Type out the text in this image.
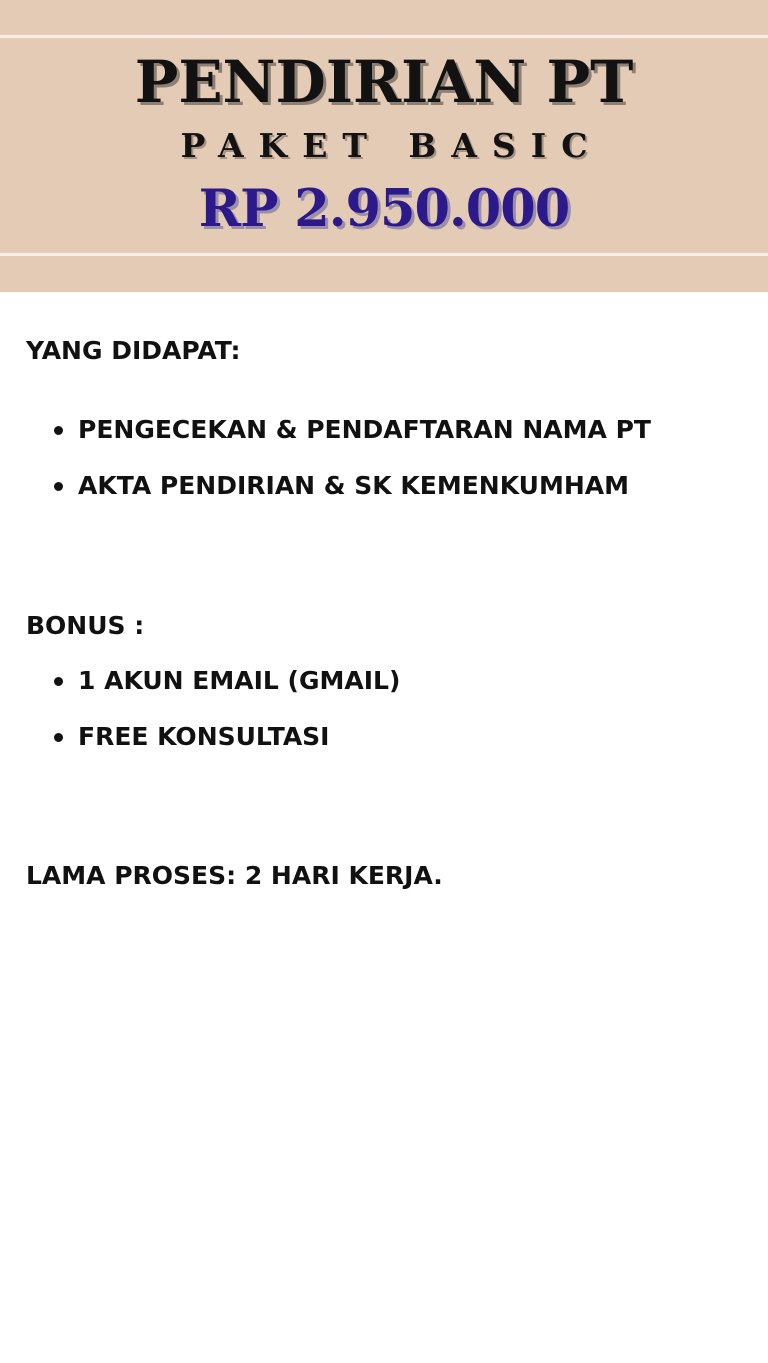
PENDIRIAN PT
PAKET BASIC
RP 2.950.000

YANG DIDAPAT:

PENGECEKAN & PENDAFTARAN NAMA PT
AKTA PENDIRIAN & SK KEMENKUMHAM

BONUS :

1 AKUN EMAIL (GMAIL)
FREE KONSULTASI

LAMA PROSES: 2 HARI KERJA.
